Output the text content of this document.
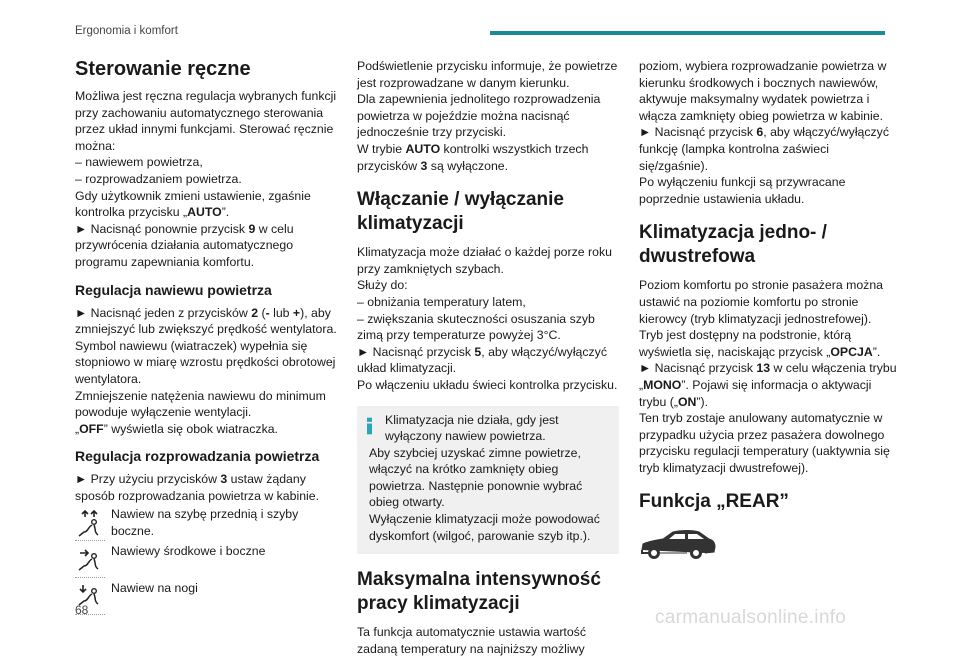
Ergonomia i komfort
Sterowanie ręczne

Możliwa jest ręczna regulacja wybranych funkcji przy zachowaniu automatycznego sterowania przez układ innymi funkcjami. Sterować ręcznie można:

– nawiewem powietrza,

– rozprowadzaniem powietrza.

Gdy użytkownik zmieni ustawienie, zgaśnie kontrolka przycisku „AUTO”.

► Nacisnąć ponownie przycisk 9 w celu przywrócenia działania automatycznego programu zapewniania komfortu.

Regulacja nawiewu powietrza

► Nacisnąć jeden z przycisków 2 (- lub +), aby zmniejszyć lub zwiększyć prędkość wentylatora.

Symbol nawiewu (wiatraczek) wypełnia się stopniowo w miarę wzrostu prędkości obrotowej wentylatora.

Zmniejszenie natężenia nawiewu do minimum powoduje wyłączenie wentylacji.

„OFF” wyświetla się obok wiatraczka.

Regulacja rozprowadzania powietrza

► Przy użyciu przycisków 3 ustaw żądany sposób rozprowadzania powietrza w kabinie.

Nawiew na szybę przednią i szyby boczne.

Nawiewy środkowe i boczne

Nawiew na nogi

Podświetlenie przycisku informuje, że powietrze jest rozprowadzane w danym kierunku.

Dla zapewnienia jednolitego rozprowadzenia powietrza w pojeździe można nacisnąć jednocześnie trzy przyciski.

W trybie AUTO kontrolki wszystkich trzech przycisków 3 są wyłączone.

Włączanie / wyłączanie klimatyzacji

Klimatyzacja może działać o każdej porze roku przy zamkniętych szybach.

Służy do:

– obniżania temperatury latem,

– zwiększania skuteczności osuszania szyb zimą przy temperaturze powyżej 3°C.

► Nacisnąć przycisk 5, aby włączyć/wyłączyć układ klimatyzacji.

Po włączeniu układu świeci kontrolka przycisku.

Klimatyzacja nie działa, gdy jest wyłączony nawiew powietrza.

Aby szybciej uzyskać zimne powietrze, włączyć na krótko zamknięty obieg powietrza. Następnie ponownie wybrać obieg otwarty.

Wyłączenie klimatyzacji może powodować dyskomfort (wilgoć, parowanie szyb itp.).

Maksymalna intensywność pracy klimatyzacji

Ta funkcja automatycznie ustawia wartość zadaną temperatury na najniższy możliwy

poziom, wybiera rozprowadzanie powietrza w kierunku środkowych i bocznych nawiewów, aktywuje maksymalny wydatek powietrza i włącza zamknięty obieg powietrza w kabinie.

► Nacisnąć przycisk 6, aby włączyć/wyłączyć funkcję (lampka kontrolna zaświeci się/zgaśnie).

Po wyłączeniu funkcji są przywracane poprzednie ustawienia układu.

Klimatyzacja jedno- / dwustrefowa

Poziom komfortu po stronie pasażera można ustawić na poziomie komfortu po stronie kierowcy (tryb klimatyzacji jednostrefowej).

Tryb jest dostępny na podstronie, którą wyświetla się, naciskając przycisk „OPCJA”.

► Nacisnąć przycisk 13 w celu włączenia trybu „MONO”. Pojawi się informacja o aktywacji trybu („ON”).

Ten tryb zostaje anulowany automatycznie w przypadku użycia przez pasażera dowolnego przycisku regulacji temperatury (uaktywnia się tryb klimatyzacji dwustrefowej).

Funkcja „REAR”
68	carmanualsonline.info
